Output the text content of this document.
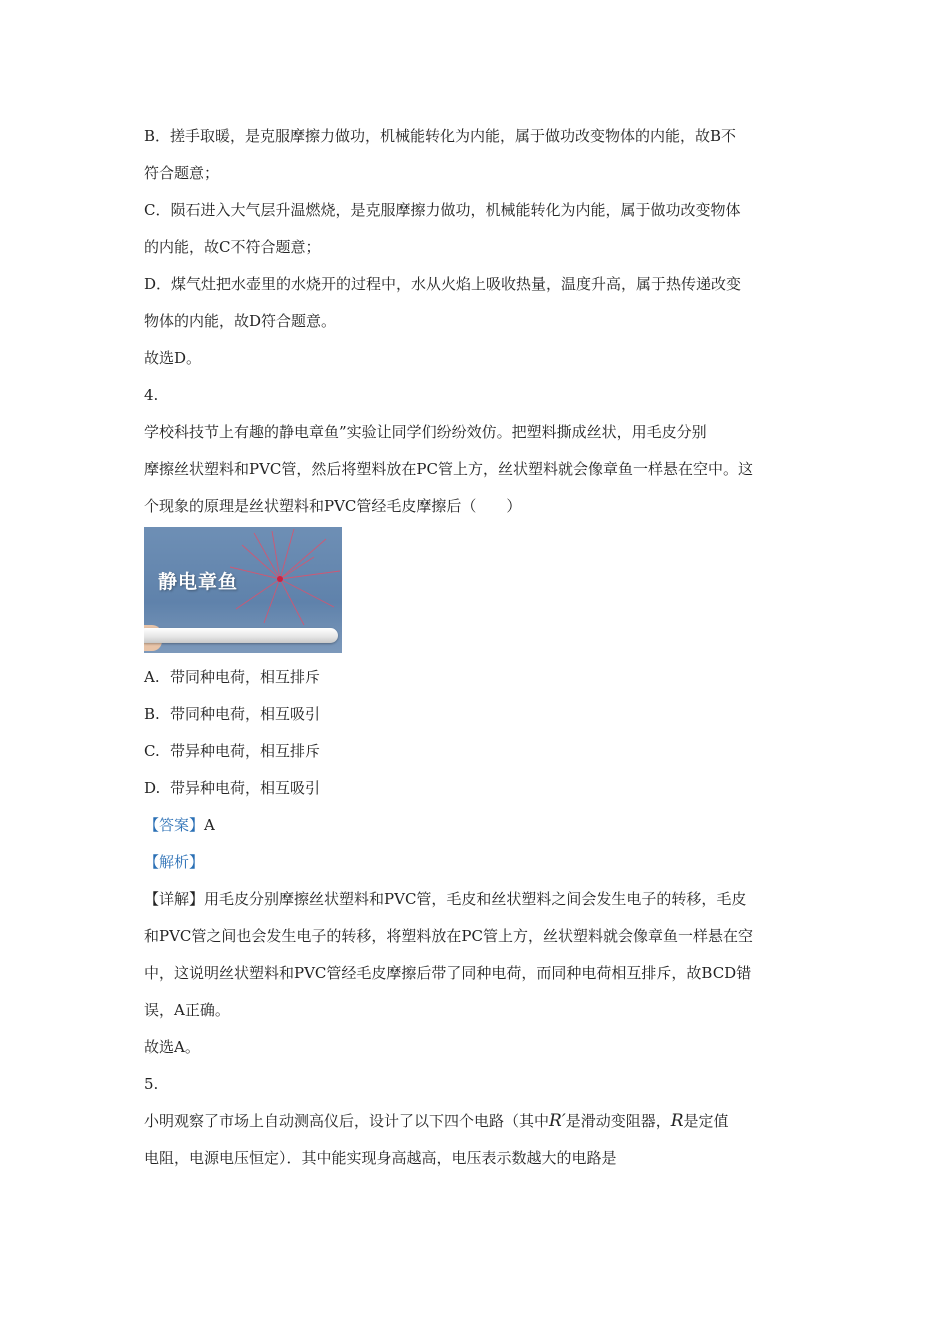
B．搓手取暖，是克服摩擦力做功，机械能转化为内能，属于做功改变物体的内能，故B不

符合题意；

C．陨石进入大气层升温燃烧，是克服摩擦力做功，机械能转化为内能，属于做功改变物体

的内能，故C不符合题意；

D．煤气灶把水壶里的水烧开的过程中，水从火焰上吸收热量，温度升高，属于热传递改变

物体的内能，故D符合题意。

故选D。

4.

学校科技节上有趣的静电章鱼”实验让同学们纷纷效仿。把塑料撕成丝状，用毛皮分别

摩擦丝状塑料和PVC管，然后将塑料放在PC管上方，丝状塑料就会像章鱼一样悬在空中。这

个现象的原理是丝状塑料和PVC管经毛皮摩擦后（　　）

静电章鱼

A. 带同种电荷，相互排斥

B. 带同种电荷，相互吸引

C. 带异种电荷，相互排斥

D. 带异种电荷，相互吸引

【答案】A

【解析】

【详解】用毛皮分别摩擦丝状塑料和PVC管，毛皮和丝状塑料之间会发生电子的转移，毛皮

和PVC管之间也会发生电子的转移，将塑料放在PC管上方，丝状塑料就会像章鱼一样悬在空

中，这说明丝状塑料和PVC管经毛皮摩擦后带了同种电荷，而同种电荷相互排斥，故BCD错

误，A正确。

故选A。

5.

小明观察了市场上自动测高仪后，设计了以下四个电路（其中R′是滑动变阻器，R是定值

电阻，电源电压恒定）．其中能实现身高越高，电压表示数越大的电路是
